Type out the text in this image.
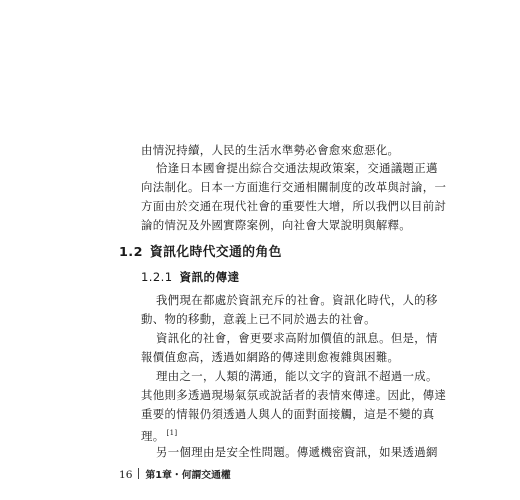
由情況持續，人民的生活水準勢必會愈來愈惡化。
恰逢日本國會提出綜合交通法規政策案，交通議題正邁
向法制化。日本一方面進行交通相關制度的改革與討論，一
方面由於交通在現代社會的重要性大增，所以我們以目前討
論的情況及外國實際案例，向社會大眾說明與解釋。
1.2 資訊化時代交通的角色
1.2.1 資訊的傳達
我們現在都處於資訊充斥的社會。資訊化時代，人的移
動、物的移動，意義上已不同於過去的社會。
資訊化的社會，會更要求高附加價值的訊息。但是，情
報價值愈高，透過如網路的傳達則愈複雜與困難。
理由之一，人類的溝通，能以文字的資訊不超過一成。
其他則多透過現場氣氛或說話者的表情來傳達。因此，傳達
重要的情報仍須透過人與人的面對面接觸，這是不變的真
理。 [1]
另一個理由是安全性問題。傳遞機密資訊，如果透過網
16 第1章・何謂交通權
